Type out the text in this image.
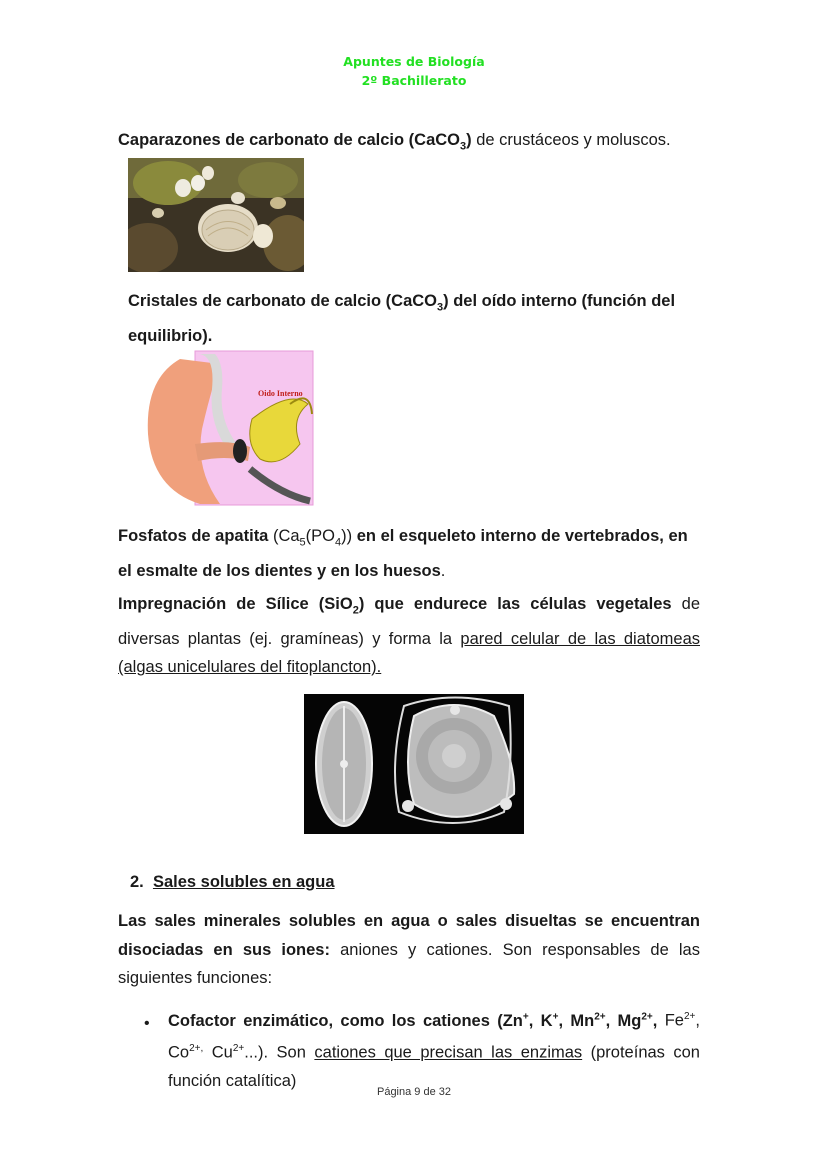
Apuntes de Biología
2º Bachillerato

Caparazones de carbonato de calcio (CaCO$_3$) de crustáceos y moluscos.

Cristales de carbonato de calcio (CaCO$_3$) del oído interno (función del equilibrio).

Oido Interno

Fosfatos de apatita $(Ca_5(PO_4))$ en el esqueleto interno de vertebrados, en el esmalte de los dientes y en los huesos.

Impregnación de Sílice (SiO$_2$) que endurece las células vegetales de diversas plantas (ej. gramíneas) y forma la pared celular de las diatomeas (algas unicelulares del fitoplancton).

2. Sales solubles en agua

Las sales minerales solubles en agua o sales disueltas se encuentran disociadas en sus iones: aniones y cationes. Son responsables de las siguientes funciones:

• Cofactor enzimático, como los cationes (Zn+, K+, $Mn^{2+}$, $Mg^{2+}$, $Fe^{2+}$, $Co^{2+,}$ $Cu^{2+}$...). Son cationes que precisan las enzimas (proteínas con función catalítica)

Página 9 de 32
